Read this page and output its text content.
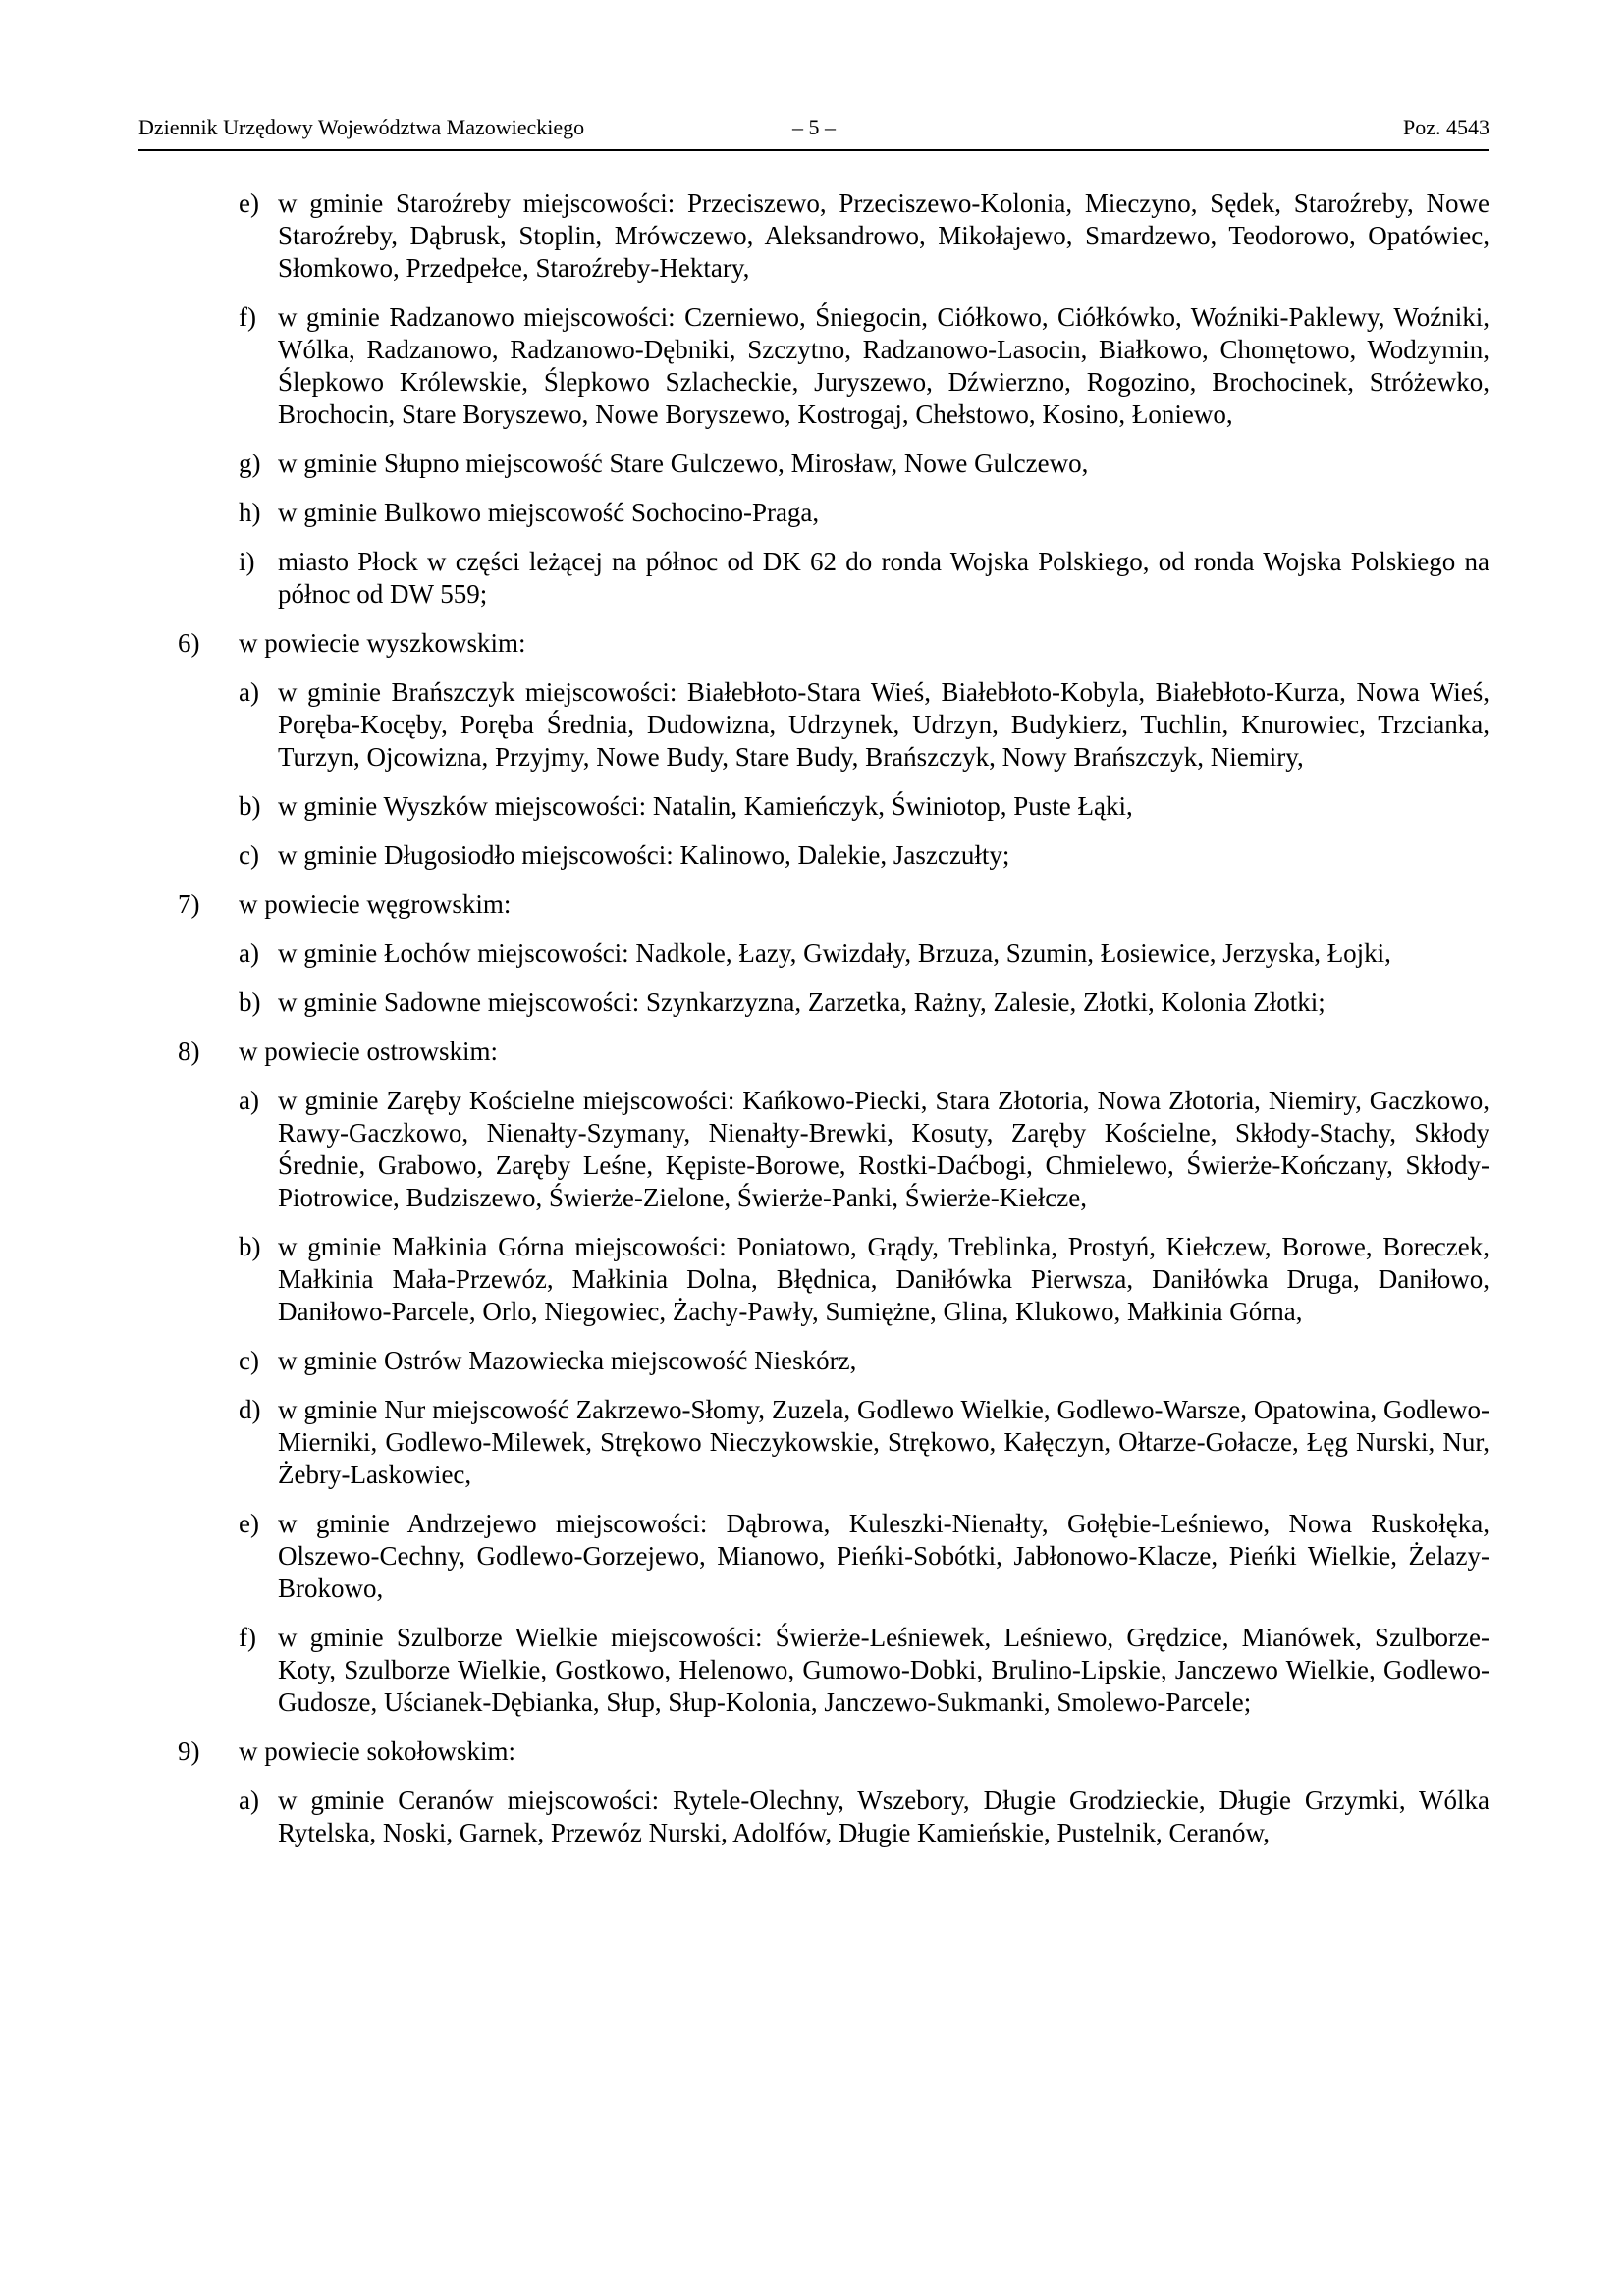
Dziennik Urzędowy Województwa Mazowieckiego	– 5 –	Poz. 4543
e) w gminie Staroźreby miejscowości: Przeciszewo, Przeciszewo-Kolonia, Mieczyno, Sędek, Staroźreby, Nowe Staroźreby, Dąbrusk, Stoplin, Mrówczewo, Aleksandrowo, Mikołajewo, Smardzewo, Teodorowo, Opatówiec, Słomkowo, Przedpełce, Staroźreby-Hektary,
f) w gminie Radzanowo miejscowości: Czerniewo, Śniegocin, Ciółkowo, Ciółkówko, Woźniki-Paklewy, Woźniki, Wólka, Radzanowo, Radzanowo-Dębniki, Szczytno, Radzanowo-Lasocin, Białkowo, Chomętowo, Wodzymin, Ślepkowo Królewskie, Ślepkowo Szlacheckie, Juryszewo, Dźwierzno, Rogozino, Brochocinek, Stróżewko, Brochocin, Stare Boryszewo, Nowe Boryszewo, Kostrogaj, Chełstowo, Kosino, Łoniewo,
g) w gminie Słupno miejscowość Stare Gulczewo, Mirosław, Nowe Gulczewo,
h) w gminie Bulkowo miejscowość Sochocino-Praga,
i) miasto Płock w części leżącej na północ od DK 62 do ronda Wojska Polskiego, od ronda Wojska Polskiego na północ od DW 559;
6) w powiecie wyszkowskim:
a) w gminie Brańszczyk miejscowości: Białebłoto-Stara Wieś, Białebłoto-Kobyla, Białebłoto-Kurza, Nowa Wieś, Poręba-Kocęby, Poręba Średnia, Dudowizna, Udrzynek, Udrzyn, Budykierz, Tuchlin, Knurowiec, Trzcianka, Turzyn, Ojcowizna, Przyjmy, Nowe Budy, Stare Budy, Brańszczyk, Nowy Brańszczyk, Niemiry,
b) w gminie Wyszków miejscowości: Natalin, Kamieńczyk, Świniotop, Puste Łąki,
c) w gminie Długosiodło miejscowości: Kalinowo, Dalekie, Jaszczułty;
7) w powiecie węgrowskim:
a) w gminie Łochów miejscowości: Nadkole, Łazy, Gwizdały, Brzuza, Szumin, Łosiewice, Jerzyska, Łojki,
b) w gminie Sadowne miejscowości: Szynkarzyzna, Zarzetka, Rażny, Zalesie, Złotki, Kolonia Złotki;
8) w powiecie ostrowskim:
a) w gminie Zaręby Kościelne miejscowości: Kańkowo-Piecki, Stara Złotoria, Nowa Złotoria, Niemiry, Gaczkowo, Rawy-Gaczkowo, Nienałty-Szymany, Nienałty-Brewki, Kosuty, Zaręby Kościelne, Skłody-Stachy, Skłody Średnie, Grabowo, Zaręby Leśne, Kępiste-Borowe, Rostki-Daćbogi, Chmielewo, Świerże-Kończany, Skłody-Piotrowice, Budziszewo, Świerże-Zielone, Świerże-Panki, Świerże-Kiełcze,
b) w gminie Małkinia Górna miejscowości: Poniatowo, Grądy, Treblinka, Prostyń, Kiełczew, Borowe, Boreczek, Małkinia Mała-Przewóz, Małkinia Dolna, Błędnica, Daniłówka Pierwsza, Daniłówka Druga, Daniłowo, Daniłowo-Parcele, Orlo, Niegowiec, Żachy-Pawły, Sumiężne, Glina, Klukowo, Małkinia Górna,
c) w gminie Ostrów Mazowiecka miejscowość Nieskórz,
d) w gminie Nur miejscowość Zakrzewo-Słomy, Zuzela, Godlewo Wielkie, Godlewo-Warsze, Opatowina, Godlewo-Mierniki, Godlewo-Milewek, Strękowo Nieczykowskie, Strękowo, Kałęczyn, Ołtarze-Gołacze, Łęg Nurski, Nur, Żebry-Laskowiec,
e) w gminie Andrzejewo miejscowości: Dąbrowa, Kuleszki-Nienałty, Gołębie-Leśniewo, Nowa Ruskołęka, Olszewo-Cechny, Godlewo-Gorzejewo, Mianowo, Pieńki-Sobótki, Jabłonowo-Klacze, Pieńki Wielkie, Żelazy-Brokowo,
f) w gminie Szulborze Wielkie miejscowości: Świerże-Leśniewek, Leśniewo, Grędzice, Mianówek, Szulborze-Koty, Szulborze Wielkie, Gostkowo, Helenowo, Gumowo-Dobki, Brulino-Lipskie, Janczewo Wielkie, Godlewo-Gudosze, Uścianek-Dębianka, Słup, Słup-Kolonia, Janczewo-Sukmanki, Smolewo-Parcele;
9) w powiecie sokołowskim:
a) w gminie Ceranów miejscowości: Rytele-Olechny, Wszebory, Długie Grodzieckie, Długie Grzymki, Wólka Rytelska, Noski, Garnek, Przewóz Nurski, Adolfów, Długie Kamieńskie, Pustelnik, Ceranów,
